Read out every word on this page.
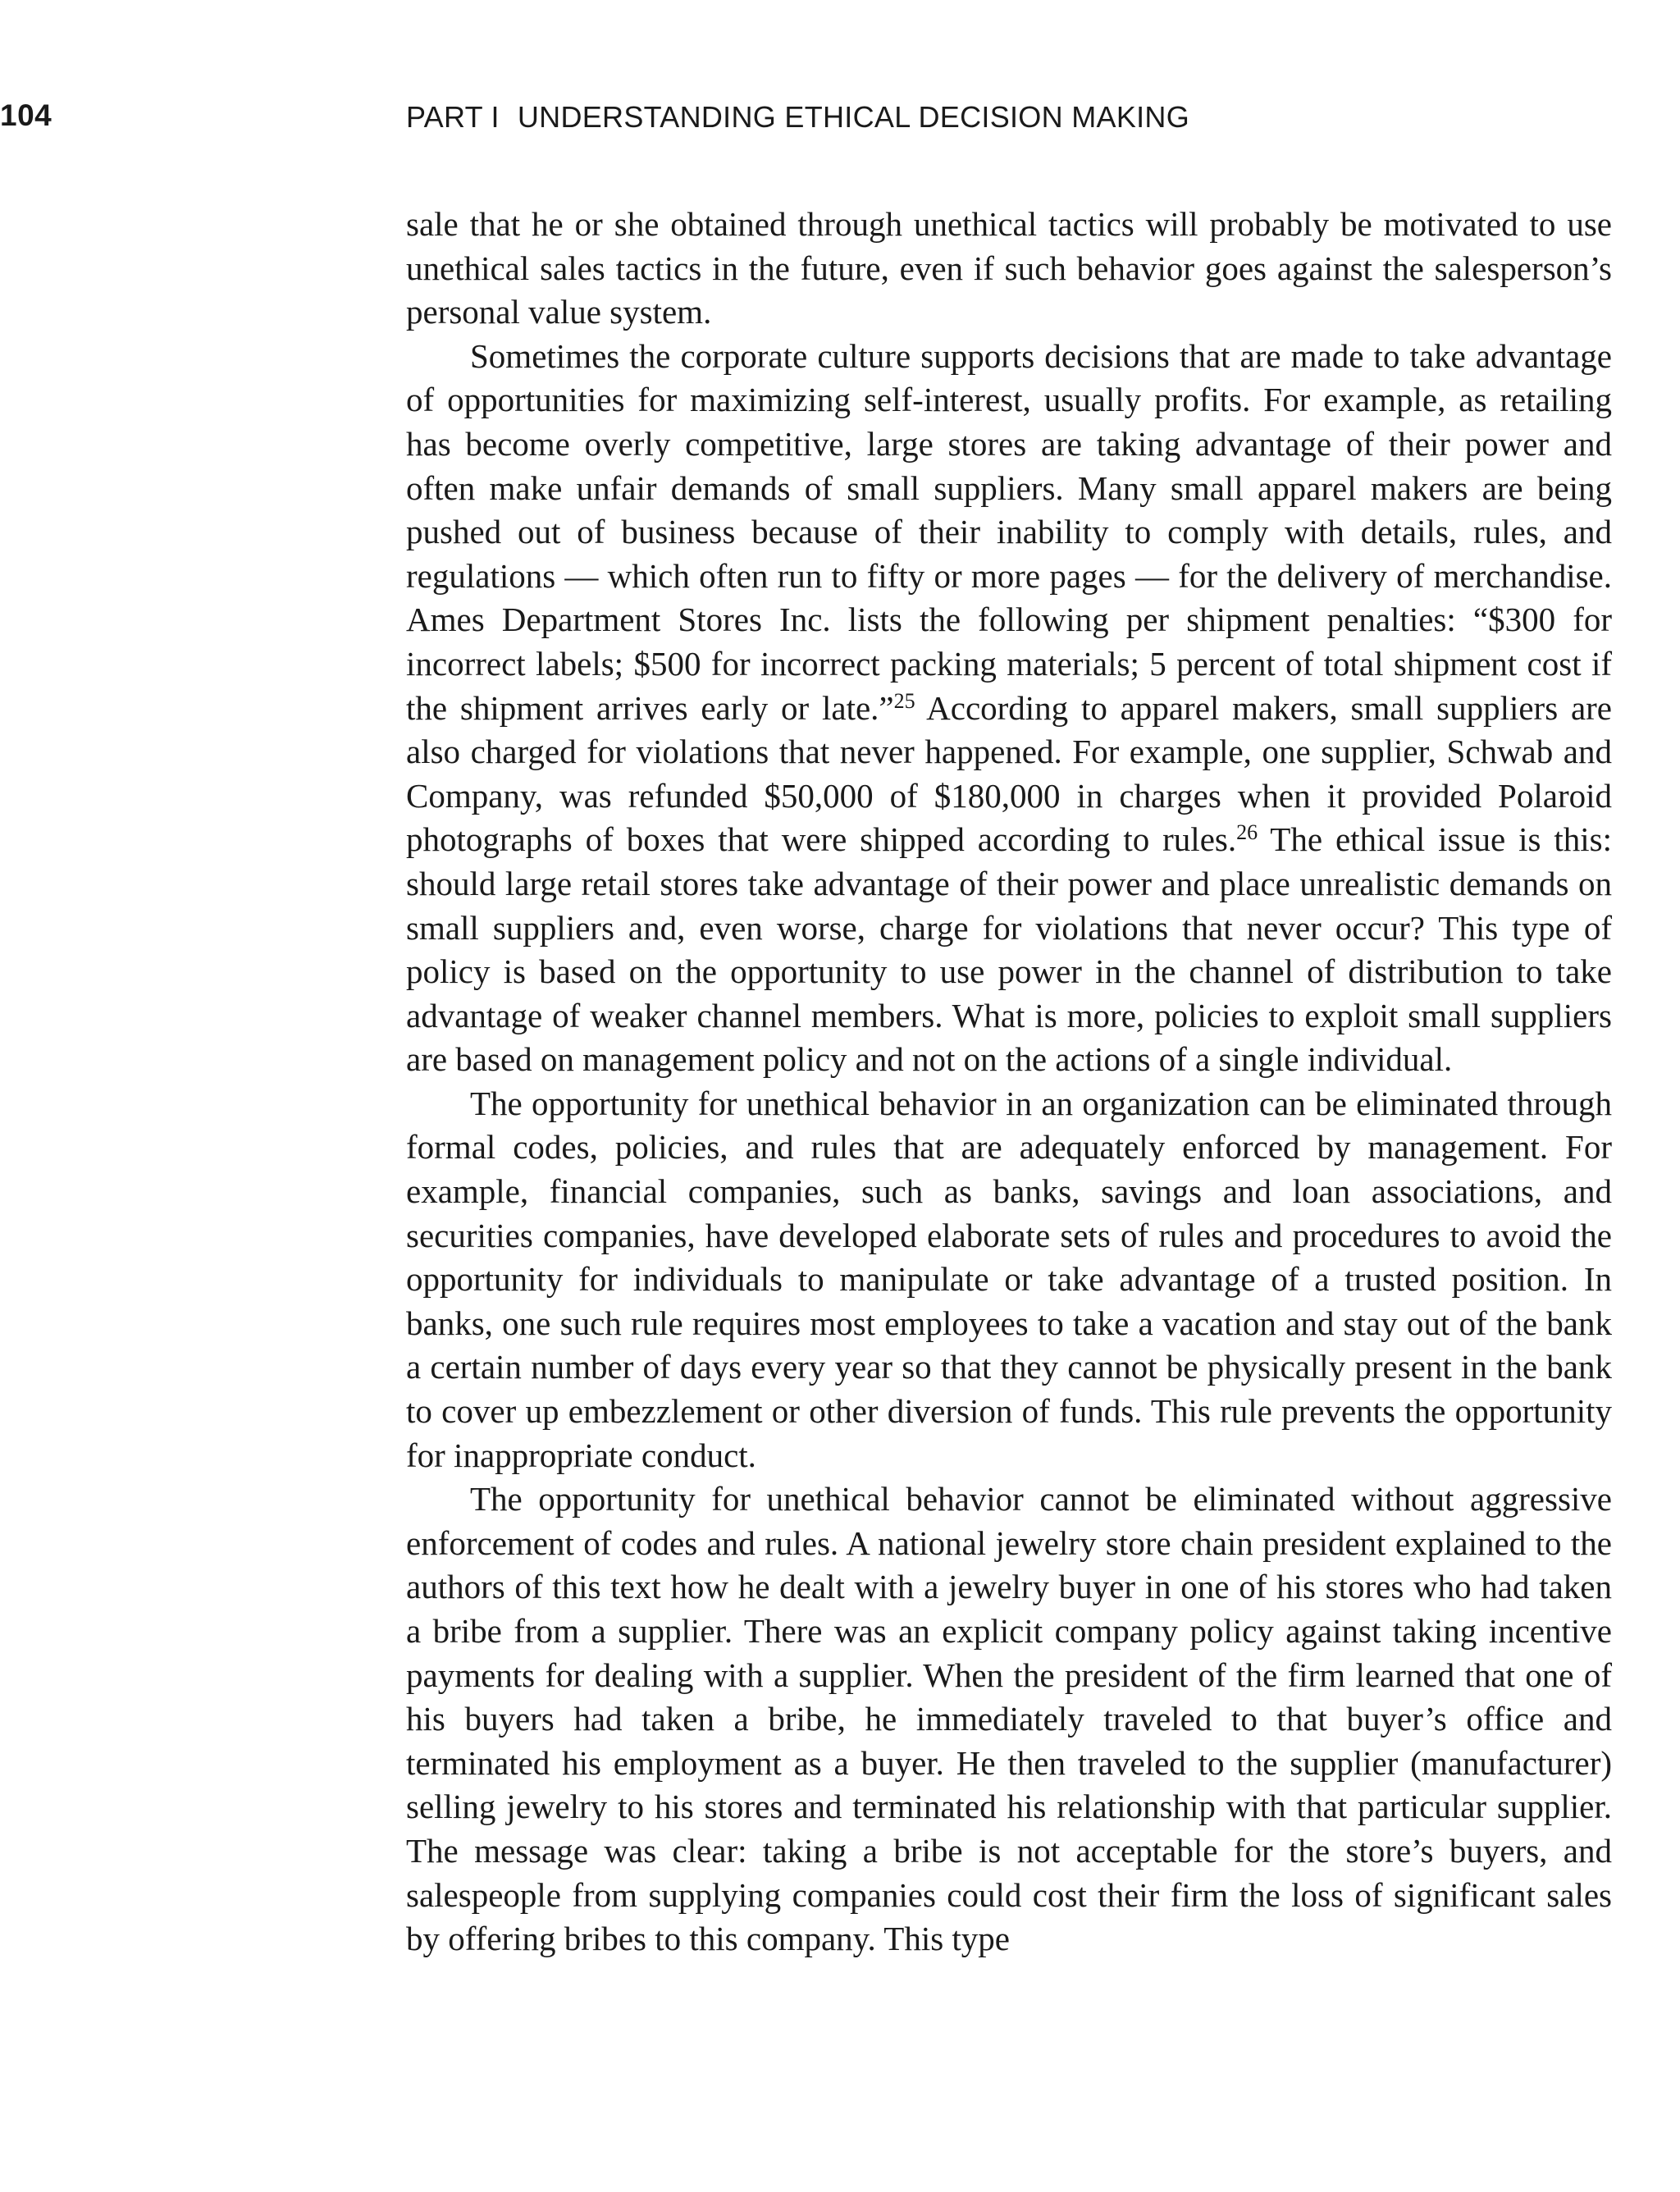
104	PART I UNDERSTANDING ETHICAL DECISION MAKING

sale that he or she obtained through unethical tactics will probably be motivated to use unethical sales tactics in the future, even if such behavior goes against the salesperson’s personal value system.

Sometimes the corporate culture supports decisions that are made to take advantage of opportunities for maximizing self-interest, usually profits. For example, as retailing has become overly competitive, large stores are taking advantage of their power and often make unfair demands of small suppliers. Many small apparel makers are being pushed out of business because of their inability to comply with details, rules, and regulations — which often run to fifty or more pages — for the delivery of merchandise. Ames Department Stores Inc. lists the following per shipment penalties: “$300 for incorrect labels; $500 for incorrect packing materials; 5 percent of total shipment cost if the shipment arrives early or late.”$^{25}$ According to apparel makers, small suppliers are also charged for violations that never happened. For example, one supplier, Schwab and Company, was refunded $50,000 of $180,000 in charges when it provided Polaroid photographs of boxes that were shipped according to rules.$^{26}$ The ethical issue is this: should large retail stores take advantage of their power and place unrealistic demands on small suppliers and, even worse, charge for violations that never occur? This type of policy is based on the opportunity to use power in the channel of distribution to take advantage of weaker channel members. What is more, policies to exploit small suppliers are based on management policy and not on the actions of a single individual.

The opportunity for unethical behavior in an organization can be eliminated through formal codes, policies, and rules that are adequately enforced by management. For example, financial companies, such as banks, savings and loan associations, and securities companies, have developed elaborate sets of rules and procedures to avoid the opportunity for individuals to manipulate or take advantage of a trusted position. In banks, one such rule requires most employees to take a vacation and stay out of the bank a certain number of days every year so that they cannot be physically present in the bank to cover up embezzlement or other diversion of funds. This rule prevents the opportunity for inappropriate conduct.

The opportunity for unethical behavior cannot be eliminated without aggressive enforcement of codes and rules. A national jewelry store chain president explained to the authors of this text how he dealt with a jewelry buyer in one of his stores who had taken a bribe from a supplier. There was an explicit company policy against taking incentive payments for dealing with a supplier. When the president of the firm learned that one of his buyers had taken a bribe, he immediately traveled to that buyer’s office and terminated his employment as a buyer. He then traveled to the supplier (manufacturer) selling jewelry to his stores and terminated his relationship with that particular supplier. The message was clear: taking a bribe is not acceptable for the store’s buyers, and salespeople from supplying companies could cost their firm the loss of significant sales by offering bribes to this company. This type
